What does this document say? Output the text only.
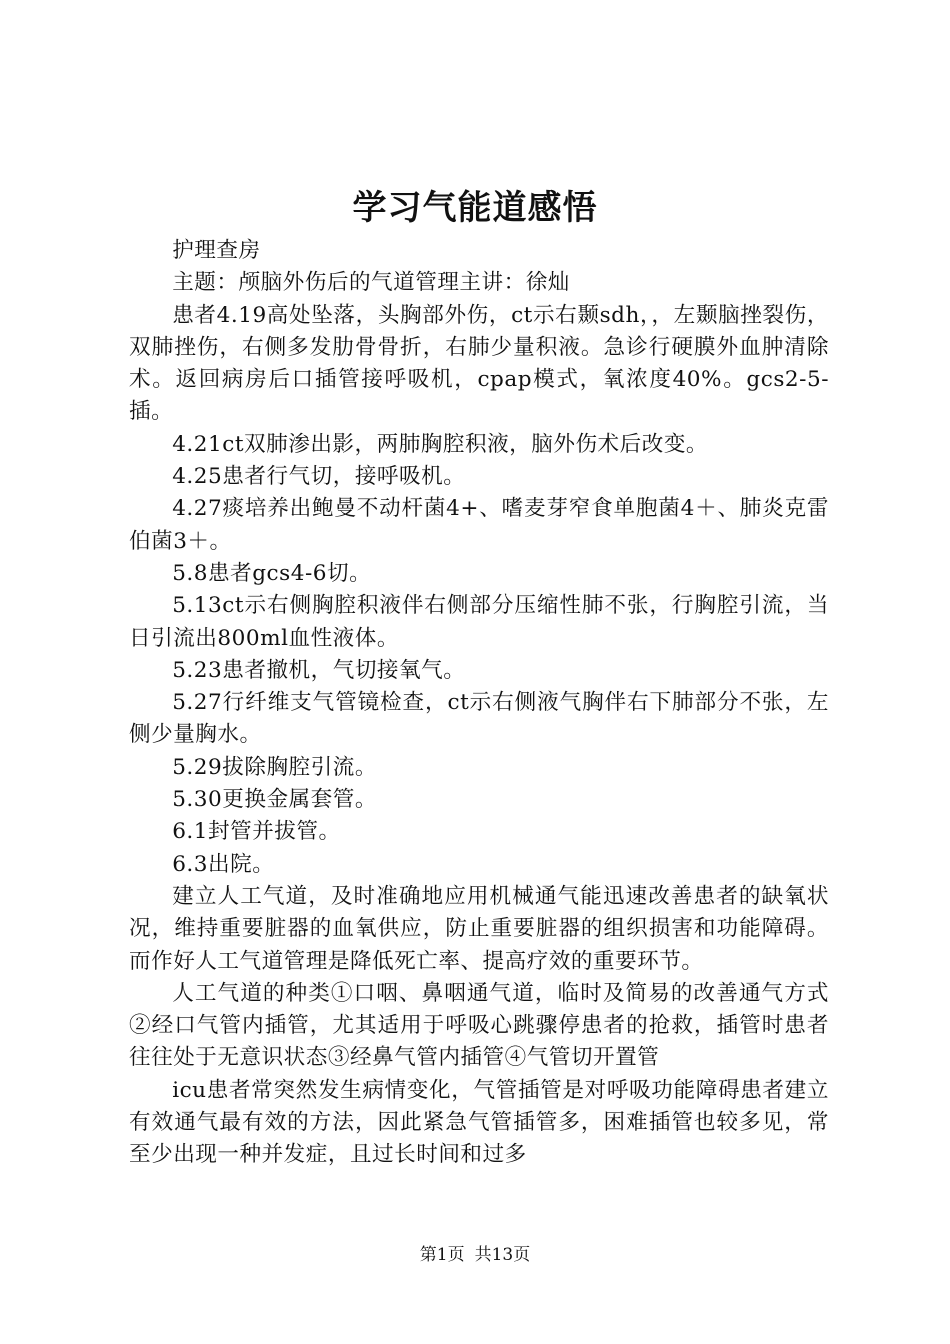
学习气能道感悟

护理查房

主题：颅脑外伤后的气道管理主讲：徐灿

患者4.19高处坠落，头胸部外伤，ct示右颞sdh，，左颞脑挫裂伤，双肺挫伤，右侧多发肋骨骨折，右肺少量积液。急诊行硬膜外血肿清除术。返回病房后口插管接呼吸机，cpap模式，氧浓度40%。gcs2-5-插。

4.21ct双肺渗出影，两肺胸腔积液，脑外伤术后改变。

4.25患者行气切，接呼吸机。

4.27痰培养出鲍曼不动杆菌4+、嗜麦芽窄食单胞菌4＋、肺炎克雷伯菌3＋。

5.8患者gcs4-6切。

5.13ct示右侧胸腔积液伴右侧部分压缩性肺不张，行胸腔引流，当日引流出800ml血性液体。

5.23患者撤机，气切接氧气。

5.27行纤维支气管镜检查，ct示右侧液气胸伴右下肺部分不张，左侧少量胸水。

5.29拔除胸腔引流。

5.30更换金属套管。

6.1封管并拔管。

6.3出院。

建立人工气道，及时准确地应用机械通气能迅速改善患者的缺氧状况，维持重要脏器的血氧供应，防止重要脏器的组织损害和功能障碍。而作好人工气道管理是降低死亡率、提高疗效的重要环节。

人工气道的种类①口咽、鼻咽通气道，临时及简易的改善通气方式②经口气管内插管，尤其适用于呼吸心跳骤停患者的抢救，插管时患者往往处于无意识状态③经鼻气管内插管④气管切开置管

icu患者常突然发生病情变化，气管插管是对呼吸功能障碍患者建立有效通气最有效的方法，因此紧急气管插管多，困难插管也较多见，常至少出现一种并发症，且过长时间和过多

第1页 共13页
